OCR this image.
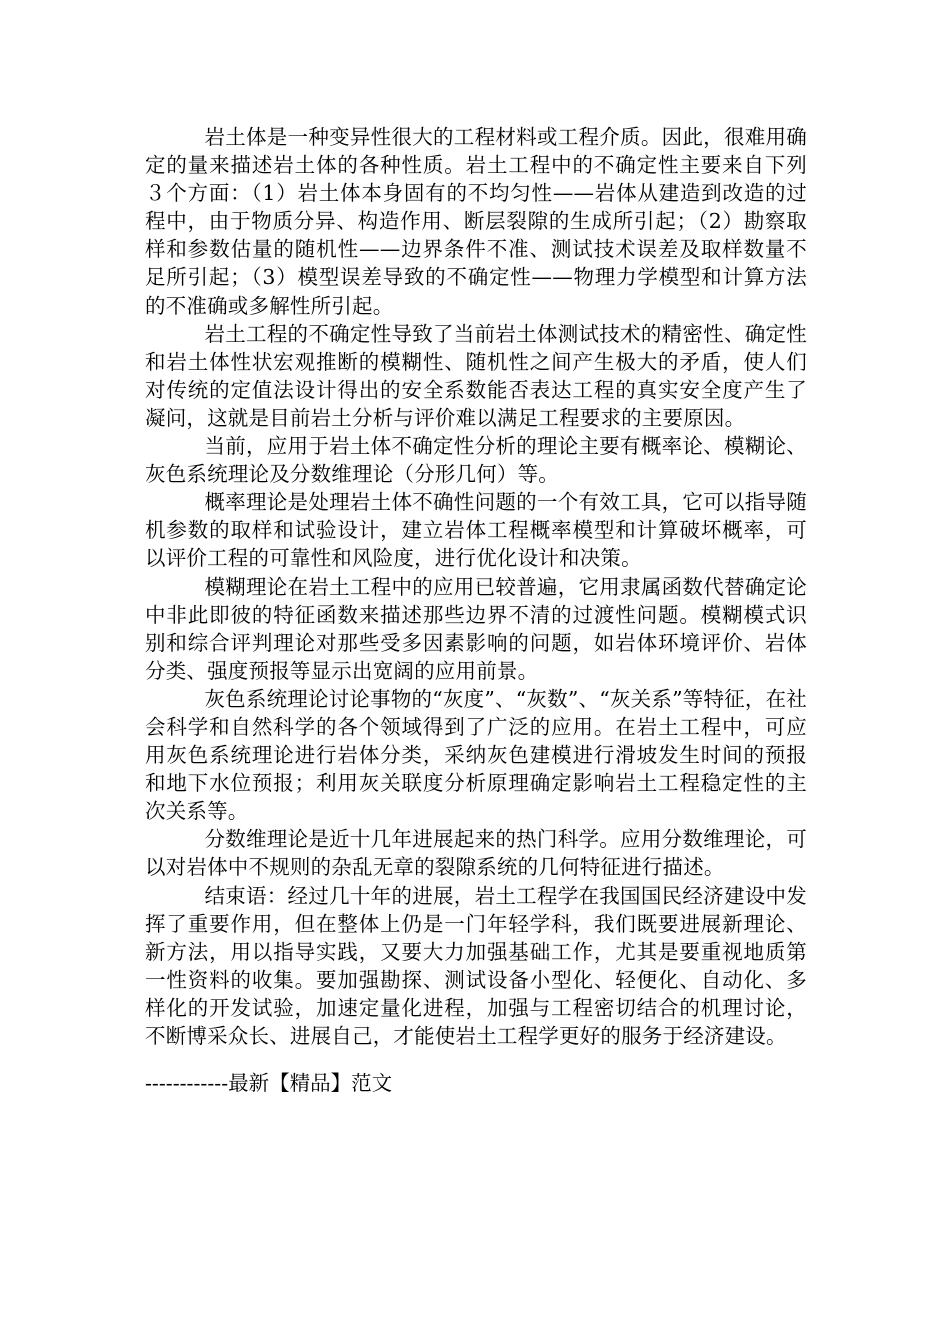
岩土体是一种变异性很大的工程材料或工程介质。因此，很难用确定的量来描述岩土体的各种性质。岩土工程中的不确定性主要来自下列３个方面：（1）岩土体本身固有的不均匀性——岩体从建造到改造的过程中，由于物质分异、构造作用、断层裂隙的生成所引起；（2）勘察取样和参数估量的随机性——边界条件不准、测试技术误差及取样数量不足所引起；（3）模型误差导致的不确定性——物理力学模型和计算方法的不准确或多解性所引起。

岩土工程的不确定性导致了当前岩土体测试技术的精密性、确定性和岩土体性状宏观推断的模糊性、随机性之间产生极大的矛盾，使人们对传统的定值法设计得出的安全系数能否表达工程的真实安全度产生了凝问，这就是目前岩土分析与评价难以满足工程要求的主要原因。

当前，应用于岩土体不确定性分析的理论主要有概率论、模糊论、灰色系统理论及分数维理论（分形几何）等。

概率理论是处理岩土体不确性问题的一个有效工具，它可以指导随机参数的取样和试验设计，建立岩体工程概率模型和计算破坏概率，可以评价工程的可靠性和风险度，进行优化设计和决策。

模糊理论在岩土工程中的应用已较普遍，它用隶属函数代替确定论中非此即彼的特征函数来描述那些边界不清的过渡性问题。模糊模式识别和综合评判理论对那些受多因素影响的问题，如岩体环境评价、岩体分类、强度预报等显示出宽阔的应用前景。

灰色系统理论讨论事物的“灰度”、“灰数”、“灰关系”等特征，在社会科学和自然科学的各个领域得到了广泛的应用。在岩土工程中，可应用灰色系统理论进行岩体分类，采纳灰色建模进行滑坡发生时间的预报和地下水位预报；利用灰关联度分析原理确定影响岩土工程稳定性的主次关系等。

分数维理论是近十几年进展起来的热门科学。应用分数维理论，可以对岩体中不规则的杂乱无章的裂隙系统的几何特征进行描述。

结束语：经过几十年的进展，岩土工程学在我国国民经济建设中发挥了重要作用，但在整体上仍是一门年轻学科，我们既要进展新理论、新方法，用以指导实践，又要大力加强基础工作，尤其是要重视地质第一性资料的收集。要加强勘探、测试设备小型化、轻便化、自动化、多样化的开发试验，加速定量化进程，加强与工程密切结合的机理讨论，不断博采众长、进展自己，才能使岩土工程学更好的服务于经济建设。

------------最新【精品】范文
